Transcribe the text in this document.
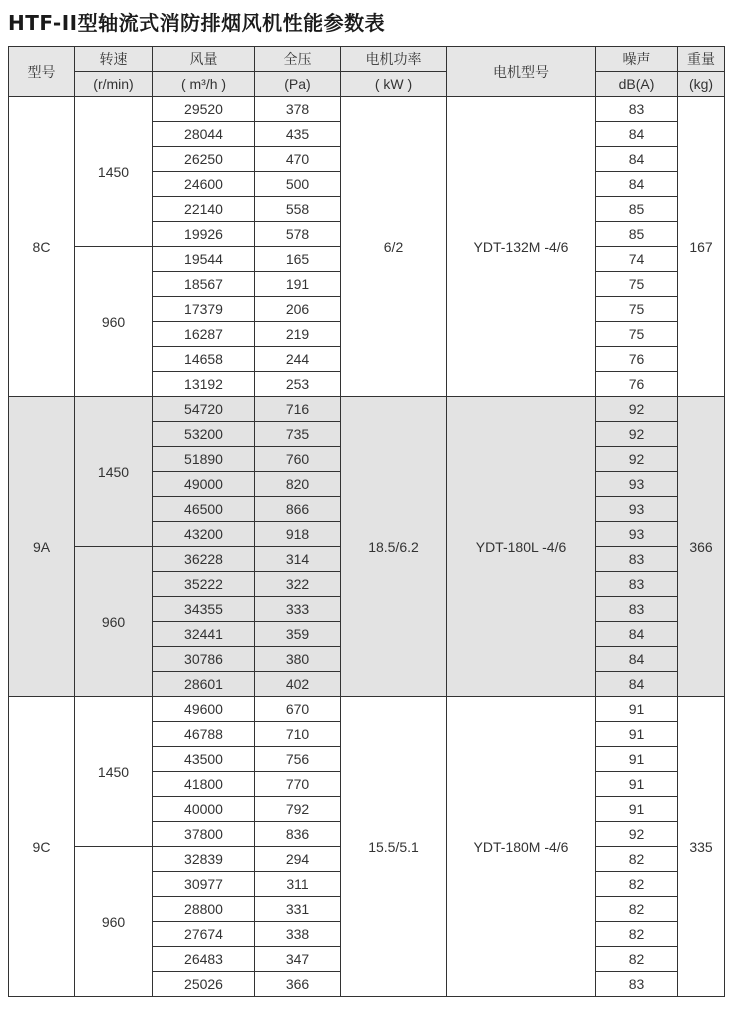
HTF-II型轴流式消防排烟风机性能参数表
型号	转速	风量	全压	电机功率	电机型号	噪声	重量
	(r/min)	( m³/h )	(Pa)	( kW )		dB(A)	(kg)
8C	1450	29520	378	6/2	YDT-132M -4/6	83	167
		28044	435			84	
		26250	470			84	
		24600	500			84	
		22140	558			85	
		19926	578			85	
	960	19544	165			74	
		18567	191			75	
		17379	206			75	
		16287	219			75	
		14658	244			76	
		13192	253			76	
9A	1450	54720	716	18.5/6.2	YDT-180L -4/6	92	366
		53200	735			92	
		51890	760			92	
		49000	820			93	
		46500	866			93	
		43200	918			93	
	960	36228	314			83	
		35222	322			83	
		34355	333			83	
		32441	359			84	
		30786	380			84	
		28601	402			84	
9C	1450	49600	670	15.5/5.1	YDT-180M -4/6	91	335
		46788	710			91	
		43500	756			91	
		41800	770			91	
		40000	792			91	
		37800	836			92	
	960	32839	294			82	
		30977	311			82	
		28800	331			82	
		27674	338			82	
		26483	347			82	
		25026	366			83	
